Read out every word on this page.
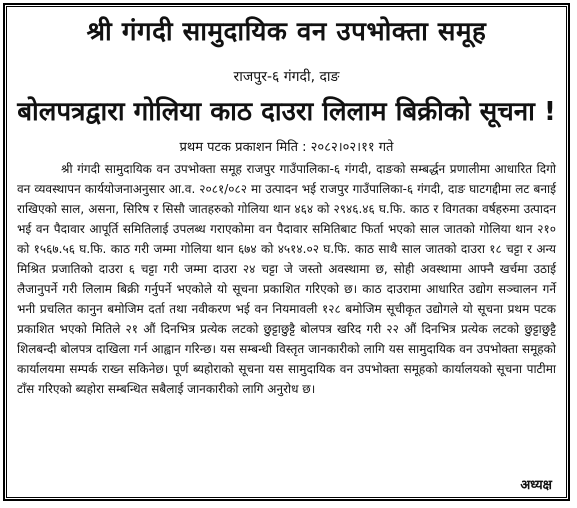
श्री गंगदी सामुदायिक वन उपभोक्ता समूह
राजपुर-६ गंगदी, दाङ
बोलपत्रद्वारा गोलिया काठ दाउरा लिलाम बिक्रीको सूचना !
प्रथम पटक प्रकाशन मिति : २०८२।०२।११ गते
श्री गंगदी सामुदायिक वन उपभोक्ता समूह राजपुर गाउँपालिका-६ गंगदी, दाङको सम्बर्द्धन प्रणालीमा आधारित दिगो वन व्यवस्थापन कार्ययोजनाअनुसार आ.व. २०८१/०८२ मा उत्पादन भई राजपुर गाउँपालिका-६ गंगदी, दाङ घाटगद्दीमा लट बनाई राखिएको साल, असना, सिरिष र सिसौ जातहरुको गोलिया थान ४६४ को २९४६.४६ घ.फि. काठ र विगतका वर्षहरुमा उत्पादन भई वन पैदावार आपूर्ति समितिलाई उपलब्ध गराएकोमा वन पैदावार समितिबाट फिर्ता भएको साल जातको गोलिया थान २१० को १५६७.५६ घ.फि. काठ गरी जम्मा गोलिया थान ६७४ को ४५१४.०२ घ.फि. काठ साथै साल जातको दाउरा १८ चट्टा र अन्य मिश्रित प्रजातिको दाउरा ६ चट्टा गरी जम्मा दाउरा २४ चट्टा जे जस्तो अवस्थामा छ, सोही अवस्थामा आफ्नै खर्चमा उठाई लैजानुपर्ने गरी लिलाम बिक्री गर्नुपर्ने भएकोले यो सूचना प्रकाशित गरिएको छ। काठ दाउरामा आधारित उद्योग सञ्चालन गर्ने भनी प्रचलित कानुन बमोजिम दर्ता तथा नवीकरण भई वन नियमावली १२८ बमोजिम सूचीकृत उद्योगले यो सूचना प्रथम पटक प्रकाशित भएको मितिले २१ औं दिनभित्र प्रत्येक लटको छुट्टाछुट्टै बोलपत्र खरिद गरी २२ औं दिनभित्र प्रत्येक लटको छुट्टाछुट्टै शिलबन्दी बोलपत्र दाखिला गर्न आह्वान गरिन्छ। यस सम्बन्धी विस्तृत जानकारीको लागि यस सामुदायिक वन उपभोक्ता समूहको कार्यालयमा सम्पर्क राख्न सकिनेछ। पूर्ण ब्यहोराको सूचना यस सामुदायिक वन उपभोक्ता समूहको कार्यालयको सूचना पाटीमा टाँस गरिएको ब्यहोरा सम्बन्धित सबैलाई जानकारीको लागि अनुरोध छ।
अध्यक्ष
